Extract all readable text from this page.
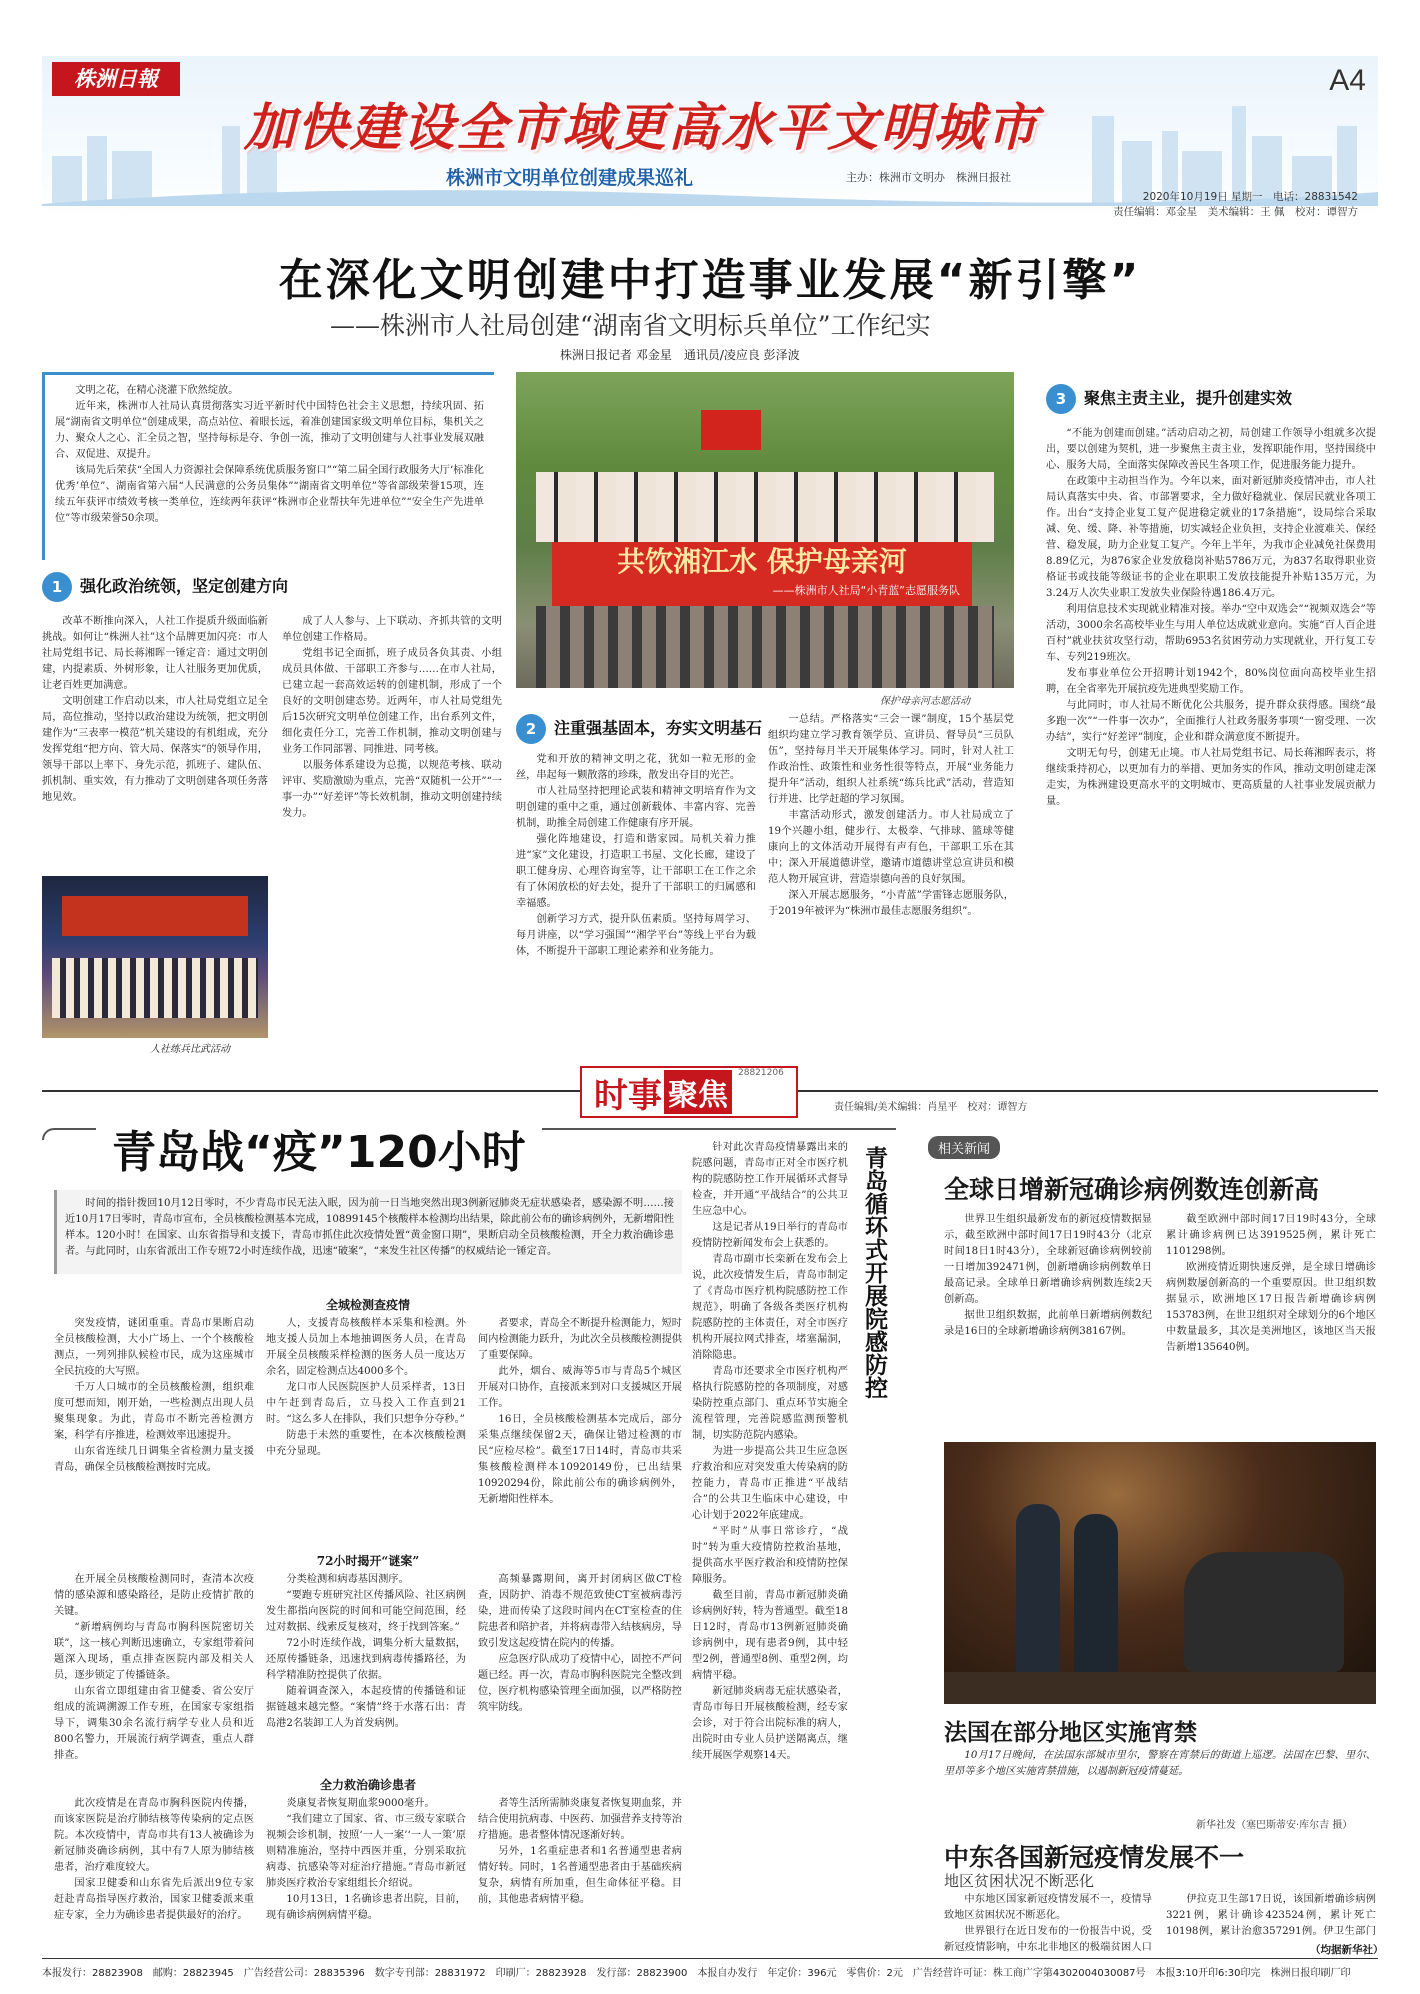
株洲日報	A4
加快建设全市域更高水平文明城市
株洲市文明单位创建成果巡礼	主办：株洲市文明办　株洲日报社
2020年10月19日 星期一　电话：28831542
责任编辑：邓金星　美术编辑：王 佩　校对：谭智方
在深化文明创建中打造事业发展“新引擎”
——株洲市人社局创建“湖南省文明标兵单位”工作纪实
株洲日报记者 邓金星　通讯员/凌应良 彭泽波

文明之花，在精心浇灌下欣然绽放。

近年来，株洲市人社局认真贯彻落实习近平新时代中国特色社会主义思想，持续巩固、拓展“湖南省文明单位”创建成果，高点站位、着眼长远，着准创建国家级文明单位目标，集机关之力、聚众人之心、汇全员之智，坚持每标是夺、争创一流，推动了文明创建与人社事业发展双融合、双促进、双提升。

该局先后荣获“全国人力资源社会保障系统优质服务窗口”“第二届全国行政服务大厅‘标准化优秀’单位”、湖南省第六届“人民满意的公务员集体”“湖南省文明单位”等省部级荣誉15项，连续五年获评市绩效考核一类单位，连续两年获评“株洲市企业帮扶年先进单位”“安全生产先进单位”等市级荣誉50余项。

共饮湘江水 保护母亲河
——株洲市人社局“小青蓝”志愿服务队
保护母亲河志愿活动
1 强化政治统领，坚定创建方向

改革不断推向深入，人社工作提质升级面临新挑战。如何让“株洲人社”这个品牌更加闪亮：市人社局党组书记、局长蒋湘晖一锤定音：通过文明创建，内提素质、外树形象，让人社服务更加优质，让老百姓更加满意。

文明创建工作启动以来，市人社局党组立足全局，高位推动，坚持以政治建设为统领，把文明创建作为“三表率一模范”机关建设的有机组成，充分发挥党组“把方向、管大局、保落实”的领导作用，领导干部以上率下、身先示范，抓班子、建队伍、抓机制、重实效，有力推动了文明创建各项任务落地见效。

人社练兵比武活动

成了人人参与、上下联动、齐抓共管的文明单位创建工作格局。

党组书记全面抓，班子成员各负其责、小组成员具体做、干部职工齐参与……在市人社局，已建立起一套高效运转的创建机制，形成了一个良好的文明创建态势。近两年，市人社局党组先后15次研究文明单位创建工作，出台系列文件，细化责任分工，完善工作机制，推动文明创建与业务工作同部署、同推进、同考核。

以服务体系建设为总揽，以规范考核、联动评审、奖励激励为重点，完善“双随机一公开”“一事一办”“好差评”等长效机制，推动文明创建持续发力。

2 注重强基固本，夯实文明基石

党和开放的精神文明之花，犹如一粒无形的金丝，串起每一颗散落的珍珠，散发出夺目的光芒。

市人社局坚持把理论武装和精神文明培育作为文明创建的重中之重，通过创新载体、丰富内容、完善机制，助推全局创建工作健康有序开展。

强化阵地建设，打造和谐家园。局机关着力推进“家”文化建设，打造职工书屋、文化长廊，建设了职工健身房、心理咨询室等，让干部职工在工作之余有了休闲放松的好去处，提升了干部职工的归属感和幸福感。

创新学习方式，提升队伍素质。坚持每周学习、每月讲座，以“学习强国”“湘学平台”等线上平台为载体，不断提升干部职工理论素养和业务能力。

一总结。严格落实“三会一课”制度，15个基层党组织均建立学习教育领学员、宣讲员、督导员“三员队伍”，坚持每月半天开展集体学习。同时，针对人社工作政治性、政策性和业务性很等特点，开展“业务能力提升年”活动，组织人社系统“练兵比武”活动，营造知行并进、比学赶超的学习氛围。

丰富活动形式，激发创建活力。市人社局成立了19个兴趣小组，健步行、太极拳、气排球、篮球等健康向上的文体活动开展得有声有色，干部职工乐在其中；深入开展道德讲堂，邀请市道德讲堂总宣讲员和模范人物开展宣讲，营造崇德向善的良好氛围。

深入开展志愿服务，“小青蓝”学雷锋志愿服务队，于2019年被评为“株洲市最佳志愿服务组织”。

3 聚焦主责主业，提升创建实效

“不能为创建而创建。”活动启动之初，局创建工作领导小组就多次提出，要以创建为契机，进一步聚焦主责主业，发挥职能作用，坚持围绕中心、服务大局，全面落实保障改善民生各项工作，促进服务能力提升。

在政策中主动担当作为。今年以来，面对新冠肺炎疫情冲击，市人社局认真落实中央、省、市部署要求，全力做好稳就业、保居民就业各项工作。出台“支持企业复工复产促进稳定就业的17条措施”，设局综合采取减、免、缓、降、补等措施，切实减轻企业负担，支持企业渡难关、保经营、稳发展，助力企业复工复产。今年上半年，为我市企业减免社保费用8.89亿元，为876家企业发放稳岗补贴5786万元，为837名取得职业资格证书或技能等级证书的企业在职职工发放技能提升补贴135万元，为3.24万人次失业职工发放失业保险待遇186.4万元。

利用信息技术实现就业精准对接。举办“空中双选会”“视频双选会”等活动，3000余名高校毕业生与用人单位达成就业意向。实施“百人百企进百村”就业扶贫攻坚行动，帮助6953名贫困劳动力实现就业，开行复工专车、专列219班次。

发布事业单位公开招聘计划1942个，80%岗位面向高校毕业生招聘，在全省率先开展抗疫先进典型奖励工作。

与此同时，市人社局不断优化公共服务，提升群众获得感。围绕“最多跑一次”“一件事一次办”，全面推行人社政务服务事项“一窗受理、一次办结”，实行“好差评”制度，企业和群众满意度不断提升。

文明无句号，创建无止境。市人社局党组书记、局长蒋湘晖表示，将继续秉持初心，以更加有力的举措、更加务实的作风，推动文明创建走深走实，为株洲建设更高水平的文明城市、更高质量的人社事业发展贡献力量。

时事 聚焦
28821206
责任编辑/美术编辑：肖星平　校对：谭智方
青岛战“疫”120小时

时间的指针拨回10月12日零时，不少青岛市民无法入眠，因为前一日当地突然出现3例新冠肺炎无症状感染者，感染源不明……接近10月17日零时，青岛市宣布，全员核酸检测基本完成，10899145个核酸样本检测均出结果，除此前公布的确诊病例外，无新增阳性样本。120小时！在国家、山东省指导和支援下，青岛市抓住此次疫情处置“黄金窗口期”，果断启动全员核酸检测，开全力救治确诊患者。与此同时，山东省派出工作专班72小时连续作战，迅速“破案”，“来发生社区传播”的权威结论一锤定音。

全城检测查疫情

突发疫情，谜团重重。青岛市果断启动全员核酸检测，大小广场上、一个个核酸检测点，一列列排队候检市民，成为这座城市全民抗疫的大写照。

千万人口城市的全员核酸检测，组织难度可想而知，刚开始，一些检测点出现人员聚集现象。为此，青岛市不断完善检测方案，科学有序推进，检测效率迅速提升。

山东省连续几日调集全省检测力量支援青岛，确保全员核酸检测按时完成。

人，支援青岛核酸样本采集和检测。外地支援人员加上本地抽调医务人员，在青岛开展全员核酸采样检测的医务人员一度达万余名，固定检测点达4000多个。

龙口市人民医院医护人员采样者，13日中午赶到青岛后，立马投入工作直到21时。“这么多人在排队，我们只想争分夺秒。”

防患于未然的重要性，在本次核酸检测中充分显现。

者要求，青岛全不断提升检测能力，短时间内检测能力跃升，为此次全员核酸检测提供了重要保障。

此外，烟台、威海等5市与青岛5个城区开展对口协作，直接派来到对口支援城区开展工作。

16日，全员核酸检测基本完成后，部分采集点继续保留2天，确保让错过检测的市民“应检尽检”。截至17日14时，青岛市共采集核酸检测样本10920149份，已出结果10920294份，除此前公布的确诊病例外，无新增阳性样本。

72小时揭开“谜案”

在开展全员核酸检测同时，查清本次疫情的感染源和感染路径，是防止疫情扩散的关键。

“新增病例均与青岛市胸科医院密切关联”，这一核心判断迅速确立，专家组带着问题深入现场，重点排查医院内部及相关人员，逐步锁定了传播链条。

山东省立即组建由省卫健委、省公安厅组成的流调溯源工作专班，在国家专家组指导下，调集30余名流行病学专业人员和近800名警力，开展流行病学调查，重点人群排查。

分类检测和病毒基因测序。

“要跑专班研究社区传播风险、社区病例发生都指向医院的时间和可能空间范围，经过对数据、线索反复核对，终于找到答案。”

72小时连续作战，调集分析大量数据，还原传播链条，迅速找到病毒传播路径，为科学精准防控提供了依据。

随着调查深入，本起疫情的传播链和证据链越来越完整。“案情”终于水落石出：青岛港2名装卸工人为首发病例。

高频暴露期间，离开封闭病区做CT检查，因防护、消毒不规范致使CT室被病毒污染，进而传染了这段时间内在CT室检查的住院患者和陪护者，并将病毒带入结核病房，导致引发这起疫情在院内的传播。

应急医疗队成功了疫情中心，固控不严问题已经。再一次，青岛市胸科医院完全整改到位，医疗机构感染管理全面加强，以严格防控筑牢防线。

全力救治确诊患者

此次疫情是在青岛市胸科医院内传播，而该家医院是治疗肺结核等传染病的定点医院。本次疫情中，青岛市共有13人被确诊为新冠肺炎确诊病例，其中有7人原为肺结核患者，治疗难度较大。

国家卫健委和山东省先后派出9位专家赶赴青岛指导医疗救治，国家卫健委派来重症专家，全力为确诊患者提供最好的治疗。

炎康复者恢复期血浆9000毫升。

“我们建立了国家、省、市三级专家联合视频会诊机制，按照‘一人一案’‘一人一策’原则精准施治，坚持中西医并重，分别采取抗病毒、抗感染等对症治疗措施。”青岛市新冠肺炎医疗救治专家组组长介绍说。

10月13日，1名确诊患者出院，目前，现有确诊病例病情平稳。

者等生活所需肺炎康复者恢复期血浆，并结合使用抗病毒、中医药、加强营养支持等治疗措施。患者整体情况逐渐好转。

另外，1名重症患者和1名普通型患者病情好转。同时，1名普通型患者由于基础疾病复杂，病情有所加重，但生命体征平稳。目前，其他患者病情平稳。

针对此次青岛疫情暴露出来的院感问题，青岛市正对全市医疗机构的院感防控工作开展循环式督导检查，并开通“平战结合”的公共卫生应急中心。

这是记者从19日举行的青岛市疫情防控新闻发布会上获悉的。

青岛市副市长栾新在发布会上说，此次疫情发生后，青岛市制定了《青岛市医疗机构院感防控工作规范》，明确了各级各类医疗机构院感防控的主体责任，对全市医疗机构开展拉网式排查，堵塞漏洞，消除隐患。

青岛市还要求全市医疗机构严格执行院感防控的各项制度，对感染防控重点部门、重点环节实施全流程管理，完善院感监测预警机制，切实防范院内感染。

为进一步提高公共卫生应急医疗救治和应对突发重大传染病的防控能力，青岛市正推进“平战结合”的公共卫生临床中心建设，中心计划于2022年底建成。

“平时”从事日常诊疗，“战时”转为重大疫情防控救治基地，提供高水平医疗救治和疫情防控保障服务。

截至目前，青岛市新冠肺炎确诊病例好转，特为普通型。截至18日12时，青岛市13例新冠肺炎确诊病例中，现有患者9例，其中轻型2例，普通型8例、重型2例，均病情平稳。

新冠肺炎病毒无症状感染者，青岛市每日开展核酸检测，经专家会诊，对于符合出院标准的病人，出院时由专业人员护送隔离点，继续开展医学观察14天。

青岛循环式开展院感防控	相关新闻
全球日增新冠确诊病例数连创新高

世界卫生组织最新发布的新冠疫情数据显示，截至欧洲中部时间17日19时43分（北京时间18日1时43分），全球新冠确诊病例较前一日增加392471例，创新增确诊病例数单日最高记录。全球单日新增确诊病例数连续2天创新高。

据世卫组织数据，此前单日新增病例数纪录是16日的全球新增确诊病例38167例。

截至欧洲中部时间17日19时43分，全球累计确诊病例已达3919525例，累计死亡1101298例。

欧洲疫情近期快速反弹，是全球日增确诊病例数屡创新高的一个重要原因。世卫组织数据显示，欧洲地区17日报告新增确诊病例153783例，在世卫组织对全球划分的6个地区中数量最多，其次是美洲地区，该地区当天报告新增135640例。

法国在部分地区实施宵禁

10月17日晚间，在法国东部城市里尔，警察在宵禁后的街道上巡逻。法国在巴黎、里尔、里昂等多个地区实施宵禁措施，以遏制新冠疫情蔓延。

新华社发（塞巴斯蒂安·库尔吉 摄）
中东各国新冠疫情发展不一
地区贫困状况不断恶化

中东地区国家新冠疫情发展不一，疫情导致地区贫困状况不断恶化。

世界银行在近日发布的一份报告中说，受新冠疫情影响，中东北非地区的极端贫困人口

伊拉克卫生部17日说，该国新增确诊病例3221例，累计确诊423524例，累计死亡10198例，累计治愈357291例。伊卫生部门

（均据新华社）
本报发行：28823908　邮购：28823945　广告经营公司：28835396　数字专刊部：28831972　印刷厂：28823928　发行部：28823900　本报自办发行　年定价：396元　零售价：2元　广告经营许可证：株工商广字第4302004030087号　本报3:10开印6:30印完　株洲日报印刷厂印
